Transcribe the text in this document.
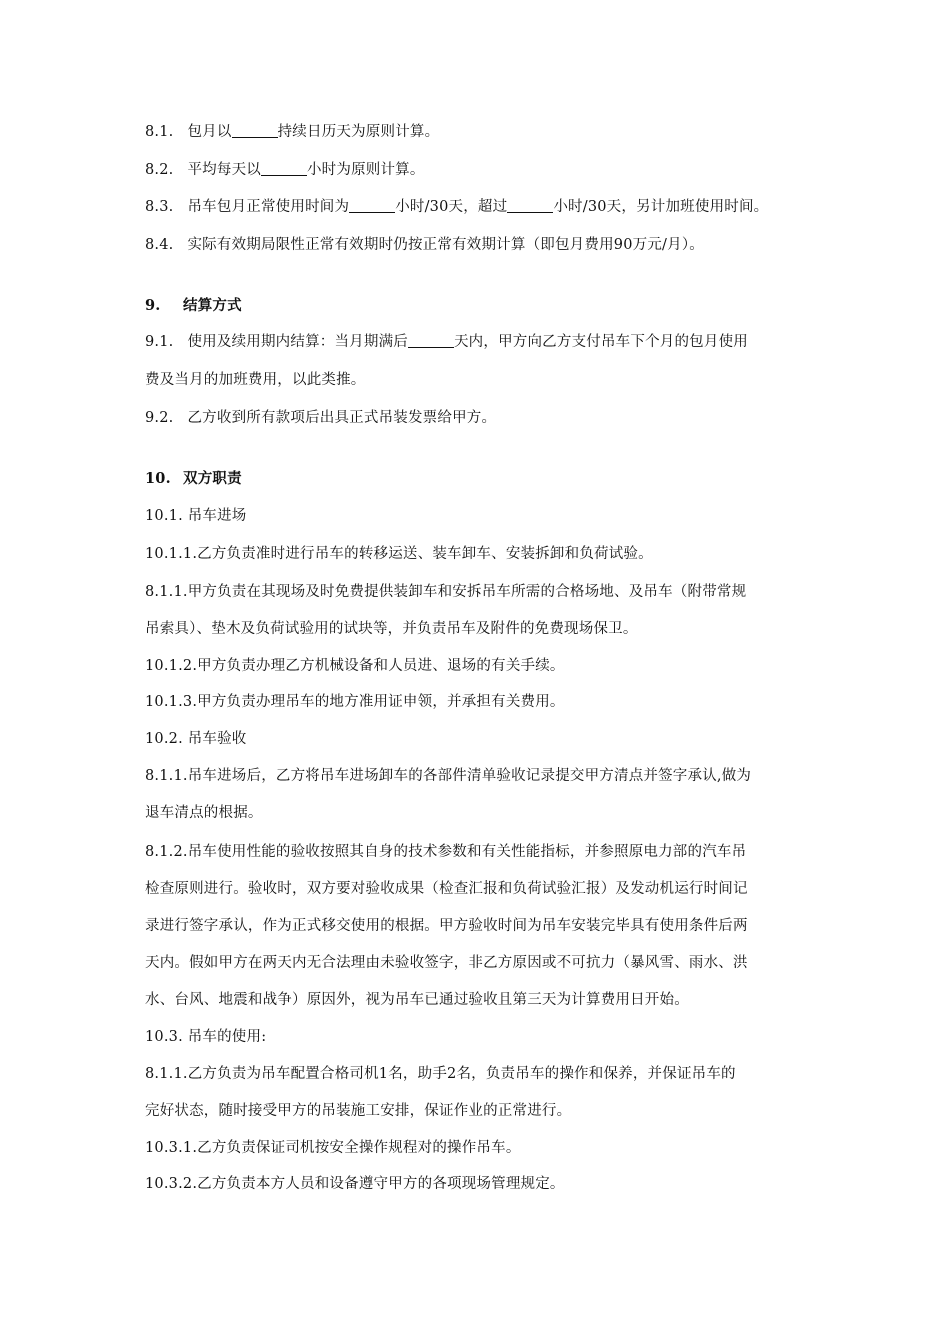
8.1. 包月以	持续日历天为原则计算。
8.2. 平均每天以	小时为原则计算。
8.3. 吊车包月正常使用时间为	小时/30天，超过	小时/30天，另计加班使用时间。
8.4. 实际有效期局限性正常有效期时仍按正常有效期计算（即包月费用90万元/月）。
9. 结算方式
9.1. 使用及续用期内结算：当月期满后	天内，甲方向乙方支付吊车下个月的包月使用
费及当月的加班费用，以此类推。
9.2. 乙方收到所有款项后出具正式吊装发票给甲方。
10. 双方职责
10.1. 吊车进场
10.1.1.乙方负责准时进行吊车的转移运送、装车卸车、安装拆卸和负荷试验。
8.1.1.甲方负责在其现场及时免费提供装卸车和安拆吊车所需的合格场地、及吊车（附带常规
吊索具）、垫木及负荷试验用的试块等，并负责吊车及附件的免费现场保卫。
10.1.2.甲方负责办理乙方机械设备和人员进、退场的有关手续。
10.1.3.甲方负责办理吊车的地方准用证申领，并承担有关费用。
10.2. 吊车验收
8.1.1.吊车进场后，乙方将吊车进场卸车的各部件清单验收记录提交甲方清点并签字承认,做为
退车清点的根据。
8.1.2.吊车使用性能的验收按照其自身的技术参数和有关性能指标，并参照原电力部的汽车吊
检查原则进行。验收时，双方要对验收成果（检查汇报和负荷试验汇报）及发动机运行时间记
录进行签字承认，作为正式移交使用的根据。甲方验收时间为吊车安装完毕具有使用条件后两
天内。假如甲方在两天内无合法理由未验收签字，非乙方原因或不可抗力（暴风雪、雨水、洪
水、台风、地震和战争）原因外，视为吊车已通过验收且第三天为计算费用日开始。
10.3. 吊车的使用:
8.1.1.乙方负责为吊车配置合格司机1名，助手2名，负责吊车的操作和保养，并保证吊车的
完好状态，随时接受甲方的吊装施工安排，保证作业的正常进行。
10.3.1.乙方负责保证司机按安全操作规程对的操作吊车。
10.3.2.乙方负责本方人员和设备遵守甲方的各项现场管理规定。
